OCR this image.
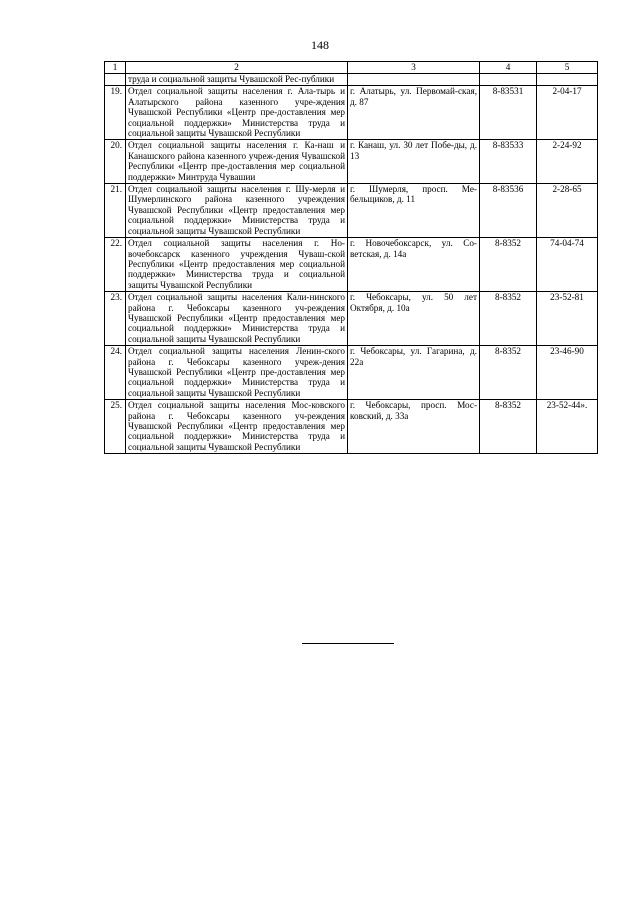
148
1	2	3	4	5
	труда и социальной защиты Чувашской Рес-публики			
19.	Отдел социальной защиты населения г. Ала-тырь и Алатырского района казенного учре-ждения Чувашской Республики «Центр пре-доставления мер социальной поддержки» Министерства труда и социальной защиты Чувашской Республики	г. Алатырь, ул. Первомай-ская, д. 87	8-83531	2-04-17
20.	Отдел социальной защиты населения г. Ка-наш и Канашского района казенного учреж-дения Чувашской Республики «Центр пре-доставления мер социальной поддержки» Минтруда Чувашии	г. Канаш, ул. 30 лет Побе-ды, д. 13	8-83533	2-24-92
21.	Отдел социальной защиты населения г. Шу-мерля и Шумерлинского района казенного учреждения Чувашской Республики «Центр предоставления мер социальной поддержки» Министерства труда и социальной защиты Чувашской Республики	г. Шумерля, просп. Ме-бельщиков, д. 11	8-83536	2-28-65
22.	Отдел социальной защиты населения г. Но-вочебоксарск казенного учреждения Чуваш-ской Республики «Центр предоставления мер социальной поддержки» Министерства труда и социальной защиты Чувашской Республики	г. Новочебоксарск, ул. Со-ветская, д. 14а	8-8352	74-04-74
23.	Отдел социальной защиты населения Кали-нинского района г. Чебоксары казенного уч-реждения Чувашской Республики «Центр предоставления мер социальной поддержки» Министерства труда и социальной защиты Чувашской Республики	г. Чебоксары, ул. 50 лет Октября, д. 10а	8-8352	23-52-81
24.	Отдел социальной защиты населения Ленин-ского района г. Чебоксары казенного учреж-дения Чувашской Республики «Центр пре-доставления мер социальной поддержки» Министерства труда и социальной защиты Чувашской Республики	г. Чебоксары, ул. Гагарина, д. 22а	8-8352	23-46-90
25.	Отдел социальной защиты населения Мос-ковского района г. Чебоксары казенного уч-реждения Чувашской Республики «Центр предоставления мер социальной поддержки» Министерства труда и социальной защиты Чувашской Республики	г. Чебоксары, просп. Мос-ковский, д. 33а	8-8352	23-52-44».
